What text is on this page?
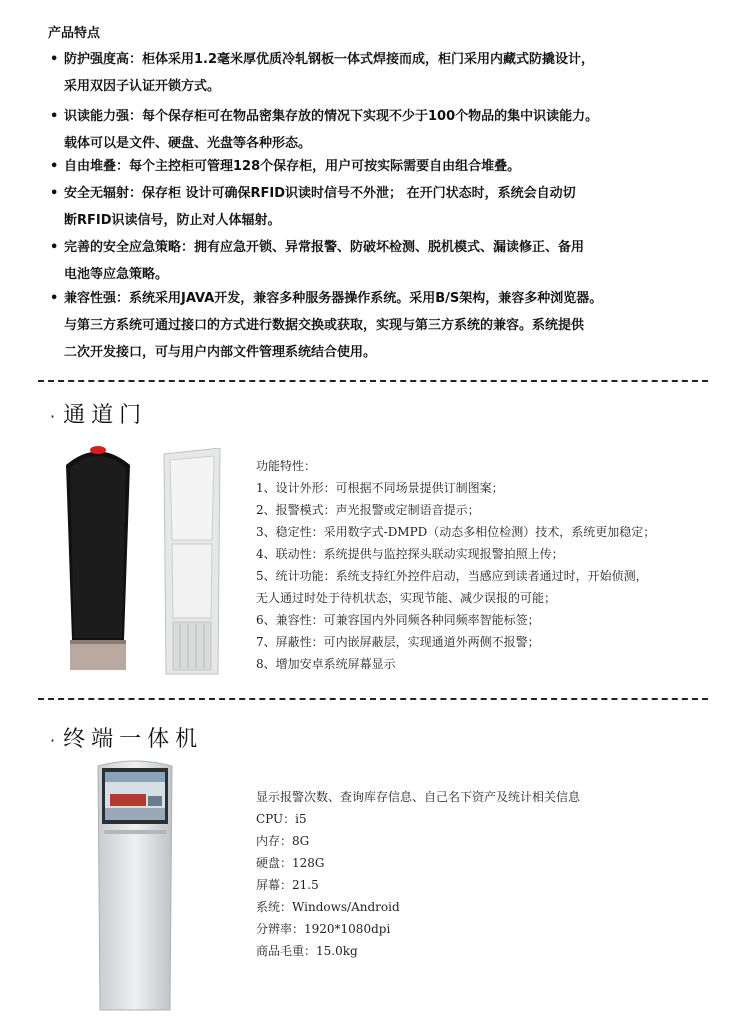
产品特点
• 防护强度高：柜体采用1.2毫米厚优质冷轧钢板一体式焊接而成，柜门采用内藏式防撬设计，
采用双因子认证开锁方式。
• 识读能力强：每个保存柜可在物品密集存放的情况下实现不少于100个物品的集中识读能力。
载体可以是文件、硬盘、光盘等各种形态。
• 自由堆叠：每个主控柜可管理128个保存柜，用户可按实际需要自由组合堆叠。
• 安全无辐射：保存柜 设计可确保RFID识读时信号不外泄； 在开门状态时，系统会自动切
断RFID识读信号，防止对人体辐射。
• 完善的安全应急策略：拥有应急开锁、异常报警、防破坏检测、脱机模式、漏读修正、备用
电池等应急策略。
• 兼容性强：系统采用JAVA开发，兼容多种服务器操作系统。采用B/S架构，兼容多种浏览器。
与第三方系统可通过接口的方式进行数据交换或获取，实现与第三方系统的兼容。系统提供
二次开发接口，可与用户内部文件管理系统结合使用。
· 通道门
功能特性：
1、设计外形：可根据不同场景提供订制图案；
2、报警模式：声光报警或定制语音提示；
3、稳定性：采用数字式-DMPD（动态多相位检测）技术，系统更加稳定；
4、联动性：系统提供与监控探头联动实现报警拍照上传；
5、统计功能：系统支持红外控件启动，当感应到读者通过时，开始侦测，
无人通过时处于待机状态，实现节能、减少误报的可能；
6、兼容性：可兼容国内外同频各种同频率智能标签；
7、屏蔽性：可内嵌屏蔽层，实现通道外两侧不报警；
8、增加安卓系统屏幕显示
· 终端一体机
显示报警次数、查询库存信息、自己名下资产及统计相关信息
CPU：i5
内存：8G
硬盘：128G
屏幕：21.5
系统：Windows/Android
分辨率：1920*1080dpi
商品毛重：15.0kg
